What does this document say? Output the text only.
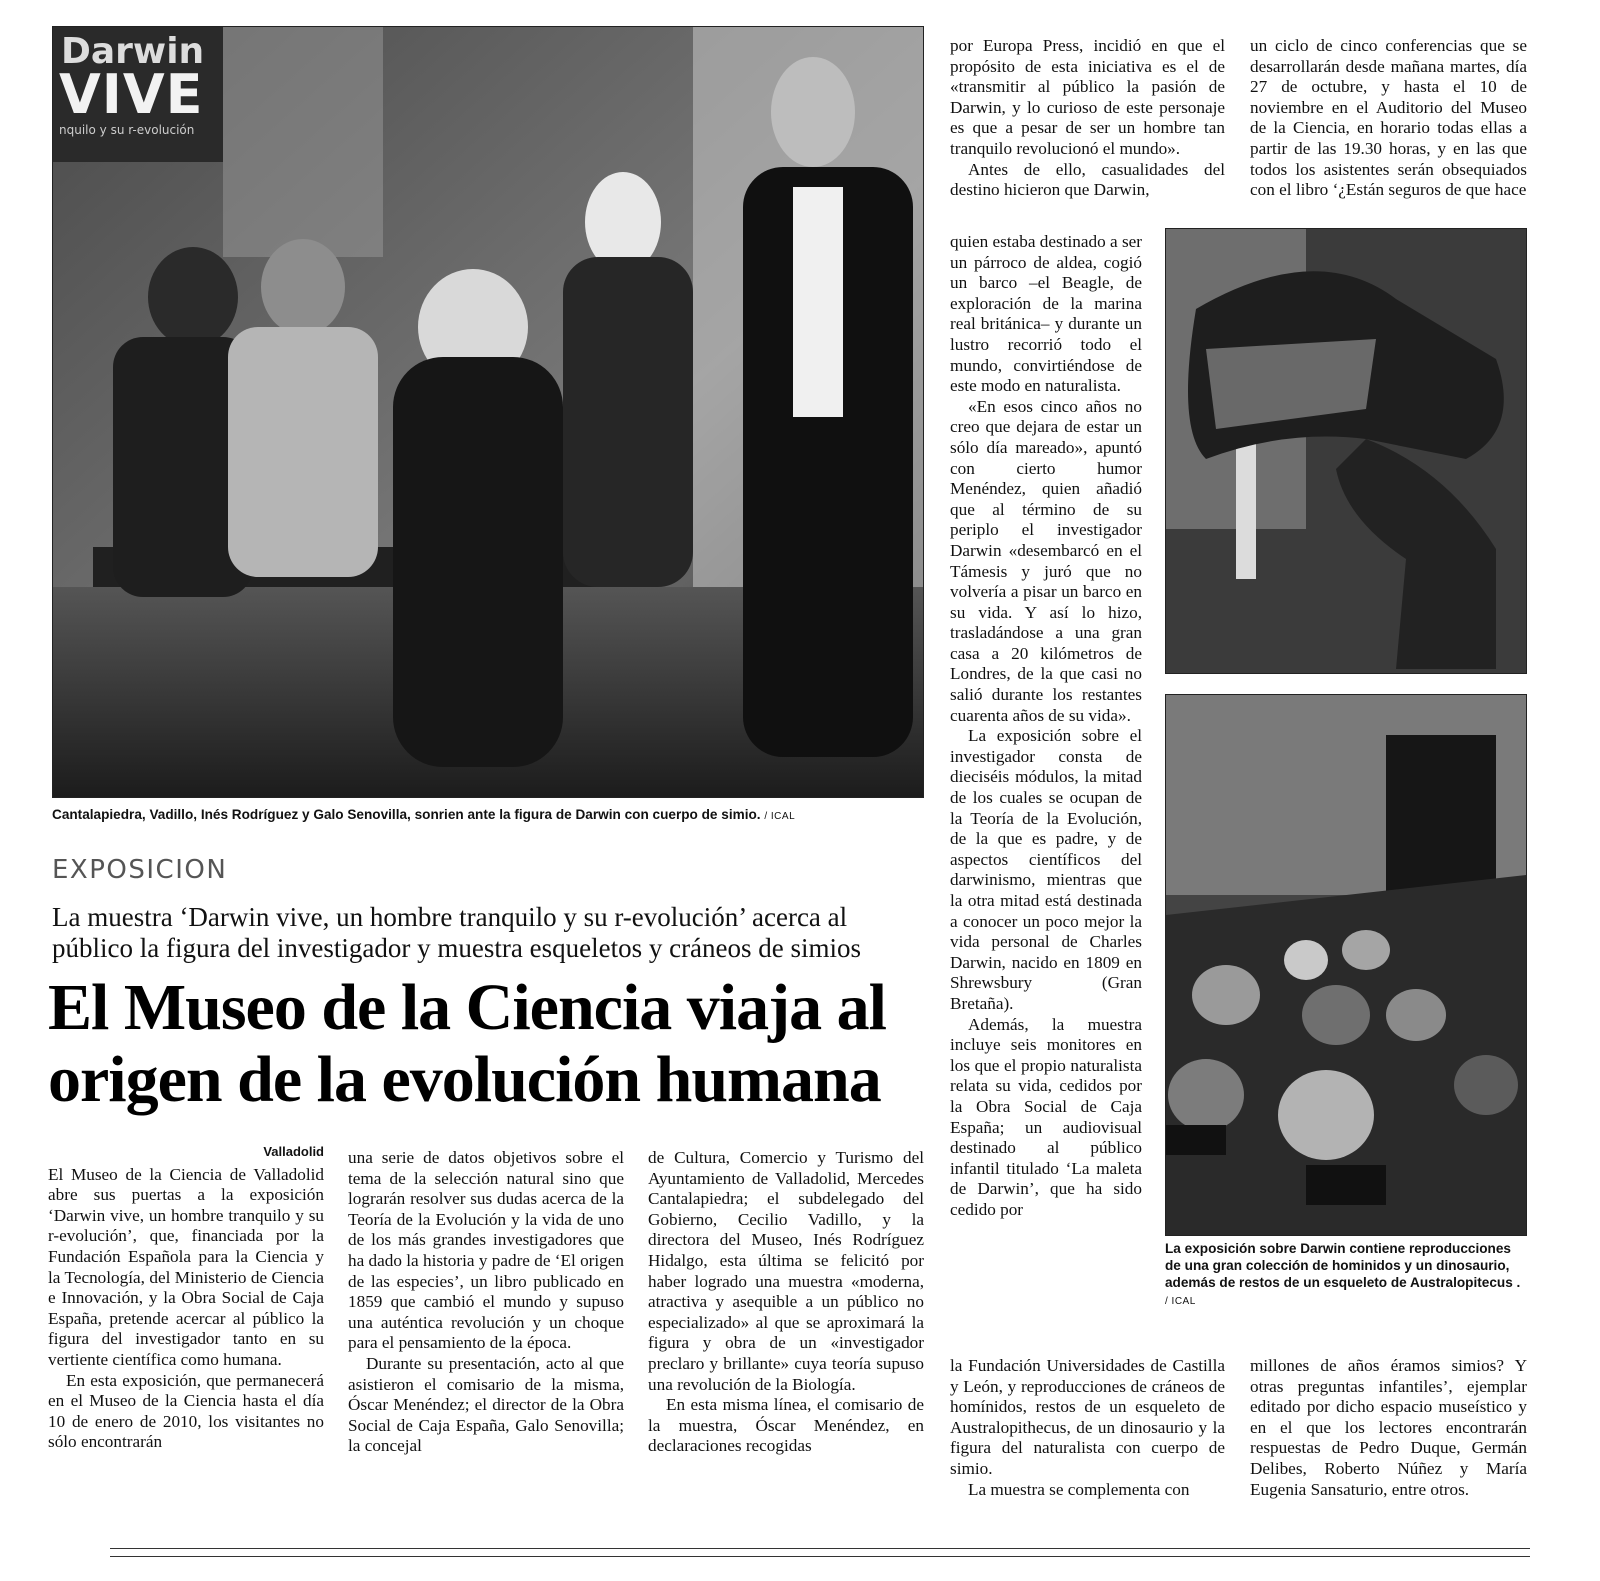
Darwin
VIVE
nquilo y su r-evolución
Cantalapiedra, Vadillo, Inés Rodríguez y Galo Senovilla, sonrien ante la figura de Darwin con cuerpo de simio. / ICAL
EXPOSICION
La muestra ‘Darwin vive, un hombre tranquilo y su r-evolución’ acerca al público la figura del investigador y muestra esqueletos y cráneos de simios
El Museo de la Ciencia viaja al origen de la evolución humana
Valladolid

El Museo de la Ciencia de Valladolid abre sus puertas a la exposición ‘Darwin vive, un hombre tranquilo y su r-evolución’, que, financiada por la Fundación Española para la Ciencia y la Tecnología, del Ministerio de Ciencia e Innovación, y la Obra Social de Caja España, pretende acercar al público la figura del investigador tanto en su vertiente científica como humana.

En esta exposición, que permanecerá en el Museo de la Ciencia hasta el día 10 de enero de 2010, los visitantes no sólo encontrarán

una serie de datos objetivos sobre el tema de la selección natural sino que lograrán resolver sus dudas acerca de la Teoría de la Evolución y la vida de uno de los más grandes investigadores que ha dado la historia y padre de ‘El origen de las especies’, un libro publicado en 1859 que cambió el mundo y supuso una auténtica revolución y un choque para el pensamiento de la época.

Durante su presentación, acto al que asistieron el comisario de la misma, Óscar Menéndez; el director de la Obra Social de Caja España, Galo Senovilla; la concejal

de Cultura, Comercio y Turismo del Ayuntamiento de Valladolid, Mercedes Cantalapiedra; el subdelegado del Gobierno, Cecilio Vadillo, y la directora del Museo, Inés Rodríguez Hidalgo, esta última se felicitó por haber logrado una muestra «moderna, atractiva y asequible a un público no especializado» al que se aproximará la figura y obra de un «investigador preclaro y brillante» cuya teoría supuso una revolución de la Biología.

En esta misma línea, el comisario de la muestra, Óscar Menéndez, en declaraciones recogidas

por Europa Press, incidió en que el propósito de esta iniciativa es el de «transmitir al público la pasión de Darwin, y lo curioso de este personaje es que a pesar de ser un hombre tan tranquilo revolucionó el mundo».

Antes de ello, casualidades del destino hicieron que Darwin,

quien estaba destinado a ser un párroco de aldea, cogió un barco –el Beagle, de exploración de la marina real británica– y durante un lustro recorrió todo el mundo, convirtiéndose de este modo en naturalista.

«En esos cinco años no creo que dejara de estar un sólo día mareado», apuntó con cierto humor Menéndez, quien añadió que al término de su periplo el investigador Darwin «desembarcó en el Támesis y juró que no volvería a pisar un barco en su vida. Y así lo hizo, trasladándose a una gran casa a 20 kilómetros de Londres, de la que casi no salió durante los restantes cuarenta años de su vida».

La exposición sobre el investigador consta de dieciséis módulos, la mitad de los cuales se ocupan de la Teoría de la Evolución, de la que es padre, y de aspectos científicos del darwinismo, mientras que la otra mitad está destinada a conocer un poco mejor la vida personal de Charles Darwin, nacido en 1809 en Shrewsbury (Gran Bretaña).

Además, la muestra incluye seis monitores en los que el propio naturalista relata su vida, cedidos por la Obra Social de Caja España; un audiovisual destinado al público infantil titulado ‘La maleta de Darwin’, que ha sido cedido por

la Fundación Universidades de Castilla y León, y reproducciones de cráneos de homínidos, restos de un esqueleto de Australopithecus, de un dinosaurio y la figura del naturalista con cuerpo de simio.

La muestra se complementa con

un ciclo de cinco conferencias que se desarrollarán desde mañana martes, día 27 de octubre, y hasta el 10 de noviembre en el Auditorio del Museo de la Ciencia, en horario todas ellas a partir de las 19.30 horas, y en las que todos los asistentes serán obsequiados con el libro ‘¿Están seguros de que hace

La exposición sobre Darwin contiene reproducciones de una gran colección de hominidos y un dinosaurio, además de restos de un esqueleto de Australopitecus . / ICAL

millones de años éramos simios? Y otras preguntas infantiles’, ejemplar editado por dicho espacio museístico y en el que los lectores encontrarán respuestas de Pedro Duque, Germán Delibes, Roberto Núñez y María Eugenia Sansaturio, entre otros.
